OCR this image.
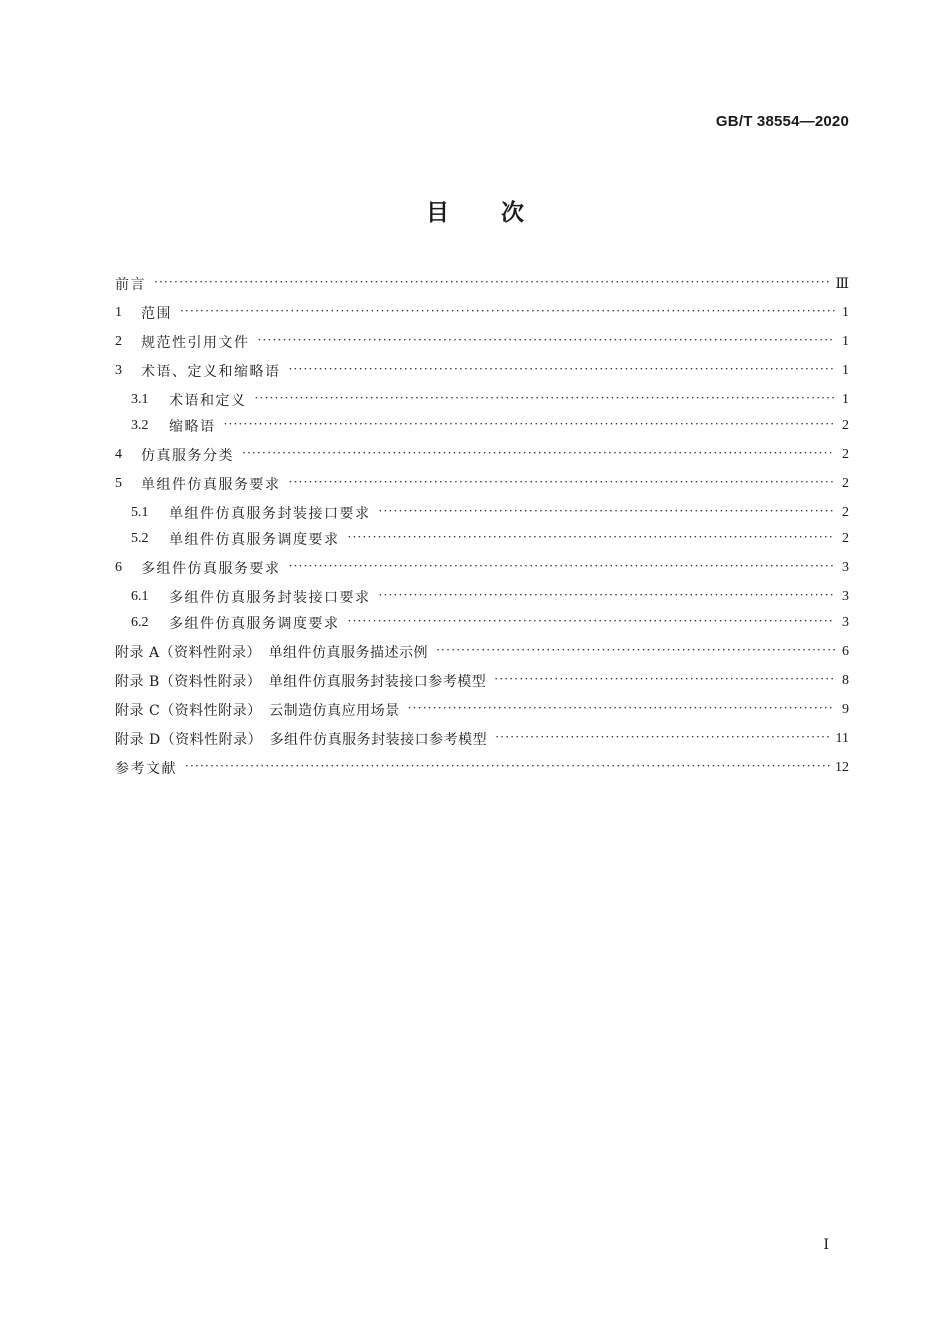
GB/T 38554—2020
目次
前言 ·····	Ⅲ
1	范围 ·····	1
2	规范性引用文件 ·····	1
3	术语、定义和缩略语 ·····	1
3.1	术语和定义 ·····	1
3.2	缩略语 ·····	2
4	仿真服务分类 ·····	2
5	单组件仿真服务要求 ·····	2
5.1	单组件仿真服务封装接口要求 ·····	2
5.2	单组件仿真服务调度要求 ·····	2
6	多组件仿真服务要求 ·····	3
6.1	多组件仿真服务封装接口要求 ·····	3
6.2	多组件仿真服务调度要求 ·····	3
附录 A（资料性附录）　单组件仿真服务描述示例 ·····	6
附录 B（资料性附录）　单组件仿真服务封装接口参考模型 ·····	8
附录 C（资料性附录）　云制造仿真应用场景 ·····	9
附录 D（资料性附录）　多组件仿真服务封装接口参考模型 ·····	11
参考文献 ·····	12
Ⅰ
